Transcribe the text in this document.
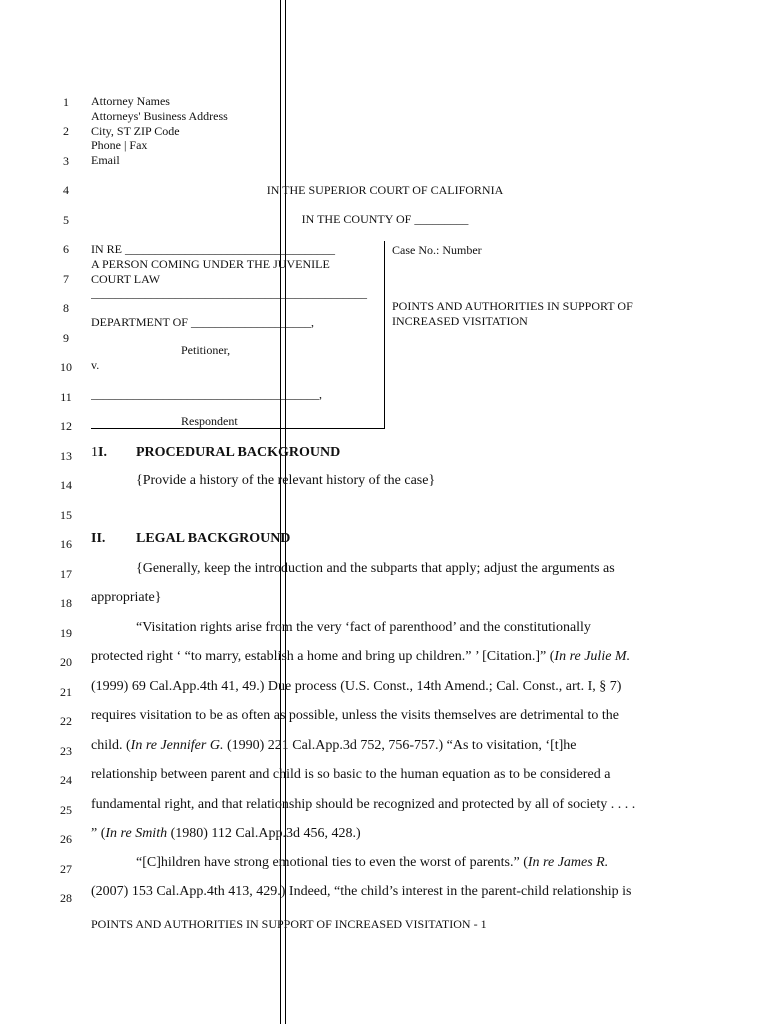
1
2
3
4
5
6
7
8
9
10
11
12
13
14
15
16
17
18
19
20
21
22
23
24
25
26
27
28
Attorney Names
Attorneys' Business Address
City, ST ZIP Code
Phone | Fax
Email
IN THE SUPERIOR COURT OF CALIFORNIA
IN THE COUNTY OF _________
IN RE ___________________________________
A PERSON COMING UNDER THE JUVENILE
COURT LAW
______________________________________________
DEPARTMENT OF ____________________,
Petitioner,
v.
______________________________________,
Respondent
Case No.: Number
POINTS AND AUTHORITIES IN SUPPORT OF
INCREASED VISITATION
1I. PROCEDURAL BACKGROUND
{Provide a history of the relevant history of the case}
II. LEGAL BACKGROUND
{Generally, keep the introduction and the subparts that apply; adjust the arguments as
appropriate}
“Visitation rights arise from the very ‘fact of parenthood’ and the constitutionally
protected right ‘ “to marry, establish a home and bring up children.” ’ [Citation.]” (In re Julie M.
(1999) 69 Cal.App.4th 41, 49.) Due process (U.S. Const., 14th Amend.; Cal. Const., art. I, § 7)
requires visitation to be as often as possible, unless the visits themselves are detrimental to the
child. (In re Jennifer G. (1990) 221 Cal.App.3d 752, 756-757.) “As to visitation, ‘[t]he
relationship between parent and child is so basic to the human equation as to be considered a
fundamental right, and that relationship should be recognized and protected by all of society . . . .
” (In re Smith (1980) 112 Cal.App.3d 456, 428.)
“[C]hildren have strong emotional ties to even the worst of parents.” (In re James R.
(2007) 153 Cal.App.4th 413, 429.) Indeed, “the child’s interest in the parent-child relationship is
POINTS AND AUTHORITIES IN SUPPORT OF INCREASED VISITATION - 1
